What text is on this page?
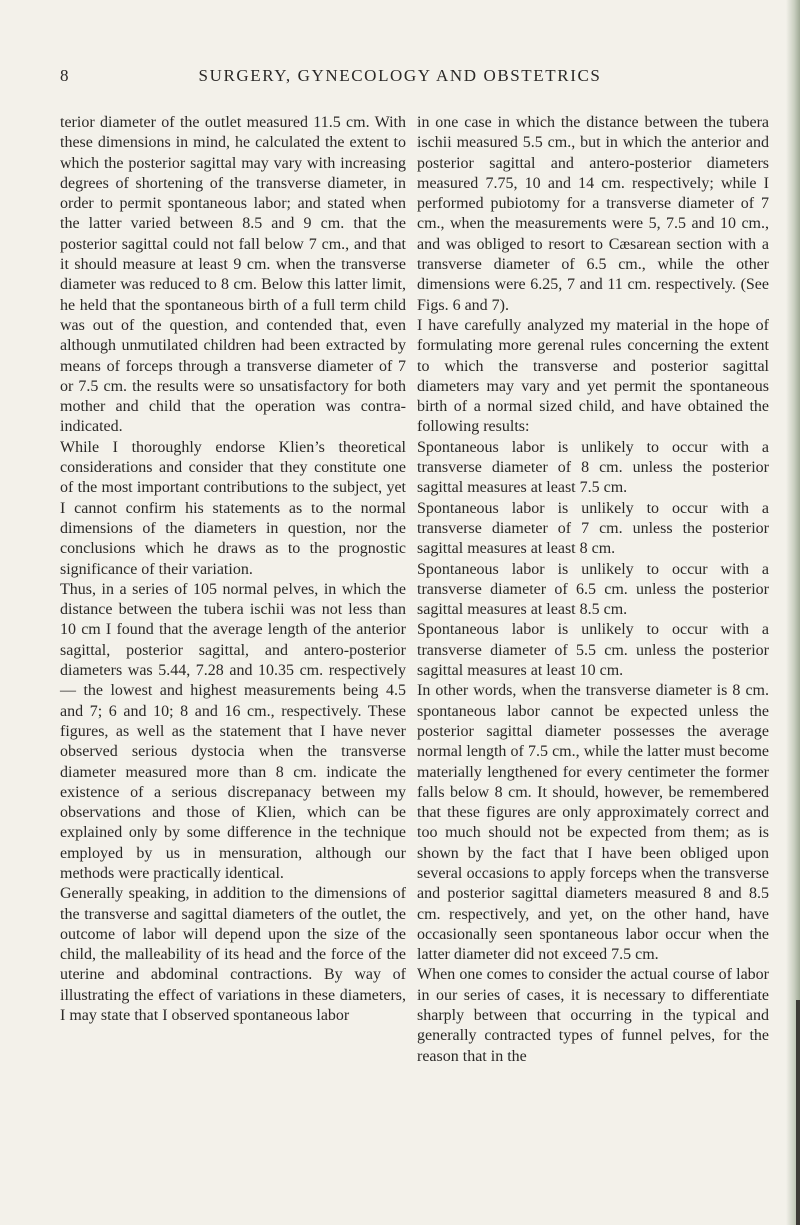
8	SURGERY, GYNECOLOGY AND OBSTETRICS

terior diameter of the outlet measured 11.5 cm. With these dimensions in mind, he calculated the extent to which the posterior sagittal may vary with increasing degrees of shortening of the transverse diameter, in order to permit spontaneous labor; and stated when the latter varied between 8.5 and 9 cm. that the posterior sagittal could not fall below 7 cm., and that it should measure at least 9 cm. when the transverse diameter was reduced to 8 cm. Below this latter limit, he held that the spontaneous birth of a full term child was out of the question, and contended that, even although unmutilated children had been extracted by means of forceps through a transverse diameter of 7 or 7.5 cm. the results were so unsatisfactory for both mother and child that the operation was contra-indicated.

While I thoroughly endorse Klien’s theoretical considerations and consider that they constitute one of the most important contributions to the subject, yet I cannot confirm his statements as to the normal dimensions of the diameters in question, nor the conclusions which he draws as to the prognostic significance of their variation.

Thus, in a series of 105 normal pelves, in which the distance between the tubera ischii was not less than 10 cm I found that the average length of the anterior sagittal, posterior sagittal, and antero-posterior diameters was 5.44, 7.28 and 10.35 cm. respectively — the lowest and highest measurements being 4.5 and 7; 6 and 10; 8 and 16 cm., respectively. These figures, as well as the statement that I have never observed serious dystocia when the transverse diameter measured more than 8 cm. indicate the existence of a serious discrepanacy between my observations and those of Klien, which can be explained only by some difference in the technique employed by us in mensuration, although our methods were practically identical.

Generally speaking, in addition to the dimensions of the transverse and sagittal diameters of the outlet, the outcome of labor will depend upon the size of the child, the malleability of its head and the force of the uterine and abdominal contractions. By way of illustrating the effect of variations in these diameters, I may state that I observed spontaneous labor

in one case in which the distance between the tubera ischii measured 5.5 cm., but in which the anterior and posterior sagittal and antero-posterior diameters measured 7.75, 10 and 14 cm. respectively; while I performed pubiotomy for a transverse diameter of 7 cm., when the measurements were 5, 7.5 and 10 cm., and was obliged to resort to Cæsarean section with a transverse diameter of 6.5 cm., while the other dimensions were 6.25, 7 and 11 cm. respectively. (See Figs. 6 and 7).

I have carefully analyzed my material in the hope of formulating more gerenal rules concerning the extent to which the transverse and posterior sagittal diameters may vary and yet permit the spontaneous birth of a normal sized child, and have obtained the following results:

Spontaneous labor is unlikely to occur with a transverse diameter of 8 cm. unless the posterior sagittal measures at least 7.5 cm.

Spontaneous labor is unlikely to occur with a transverse diameter of 7 cm. unless the posterior sagittal measures at least 8 cm.

Spontaneous labor is unlikely to occur with a transverse diameter of 6.5 cm. unless the posterior sagittal measures at least 8.5 cm.

Spontaneous labor is unlikely to occur with a transverse diameter of 5.5 cm. unless the posterior sagittal measures at least 10 cm.

In other words, when the transverse diameter is 8 cm. spontaneous labor cannot be expected unless the posterior sagittal diameter possesses the average normal length of 7.5 cm., while the latter must become materially lengthened for every centimeter the former falls below 8 cm. It should, however, be remembered that these figures are only approximately correct and too much should not be expected from them; as is shown by the fact that I have been obliged upon several occasions to apply forceps when the transverse and posterior sagittal diameters measured 8 and 8.5 cm. respectively, and yet, on the other hand, have occasionally seen spontaneous labor occur when the latter diameter did not exceed 7.5 cm.

When one comes to consider the actual course of labor in our series of cases, it is necessary to differentiate sharply between that occurring in the typical and generally contracted types of funnel pelves, for the reason that in the
